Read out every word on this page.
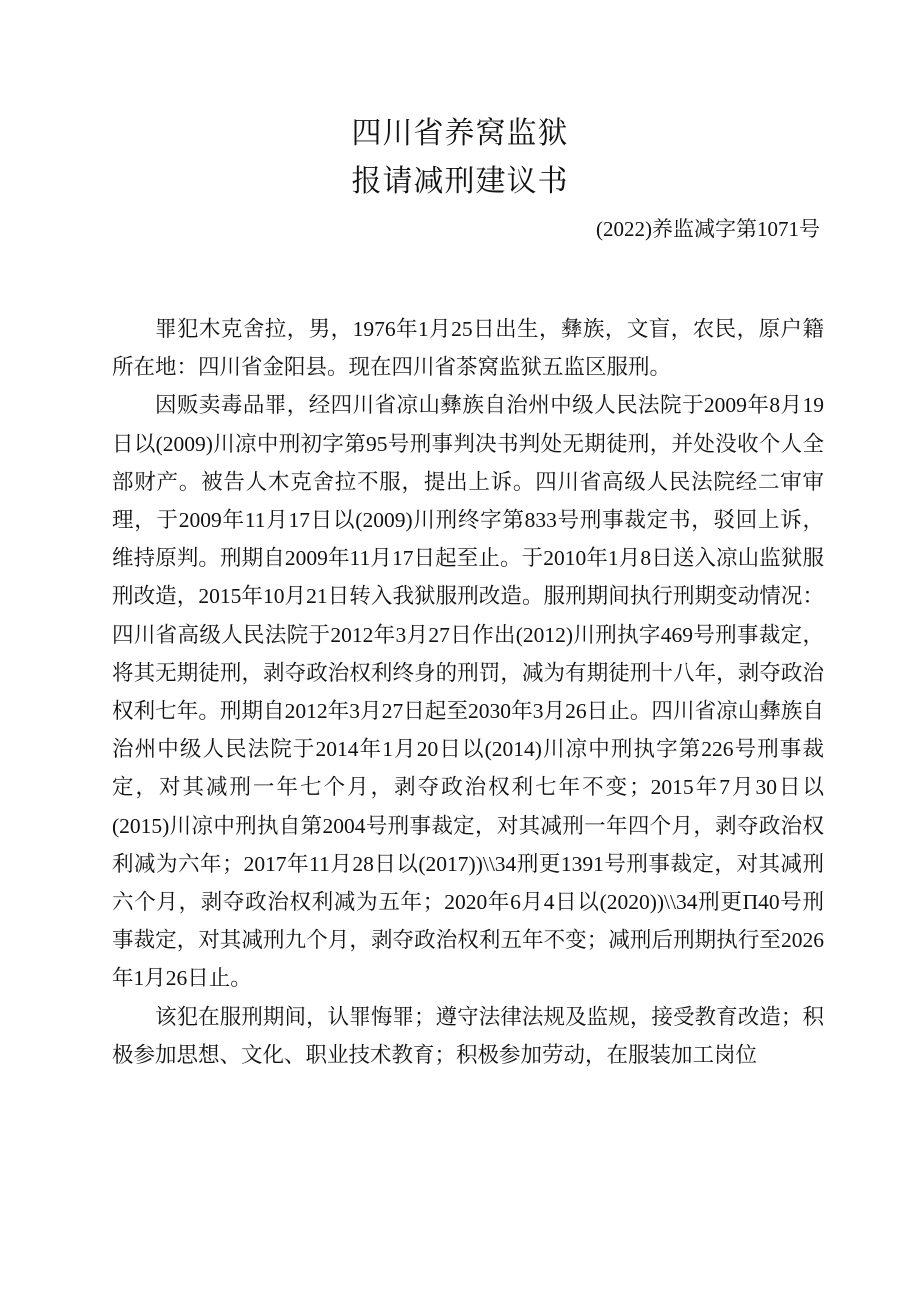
四川省养窝监狱
报请减刑建议书
(2022)养监减字第1071号

罪犯木克舍拉，男，1976年1月25日出生，彝族，文盲，农民，原户籍所在地：四川省金阳县。现在四川省茶窝监狱五监区服刑。

因贩卖毒品罪，经四川省凉山彝族自治州中级人民法院于2009年8月19日以(2009)川凉中刑初字第95号刑事判决书判处无期徒刑，并处没收个人全部财产。被告人木克舍拉不服，提出上诉。四川省高级人民法院经二审审理，于2009年11月17日以(2009)川刑终字第833号刑事裁定书，驳回上诉，维持原判。刑期自2009年11月17日起至止。于2010年1月8日送入凉山监狱服刑改造，2015年10月21日转入我狱服刑改造。服刑期间执行刑期变动情况：四川省高级人民法院于2012年3月27日作出(2012)川刑执字469号刑事裁定，将其无期徒刑，剥夺政治权利终身的刑罚，减为有期徒刑十八年，剥夺政治权利七年。刑期自2012年3月27日起至2030年3月26日止。四川省凉山彝族自治州中级人民法院于2014年1月20日以(2014)川凉中刑执字第226号刑事裁定，对其减刑一年七个月，剥夺政治权利七年不变；2015年7月30日以(2015)川凉中刑执自第2004号刑事裁定，对其减刑一年四个月，剥夺政治权利减为六年；2017年11月28日以(2017))\\34刑更1391号刑事裁定，对其减刑六个月，剥夺政治权利减为五年；2020年6月4日以(2020))\\34刑更Π40号刑事裁定，对其减刑九个月，剥夺政治权利五年不变；减刑后刑期执行至2026年1月26日止。

该犯在服刑期间，认罪悔罪；遵守法律法规及监规，接受教育改造；积极参加思想、文化、职业技术教育；积极参加劳动，在服装加工岗位
